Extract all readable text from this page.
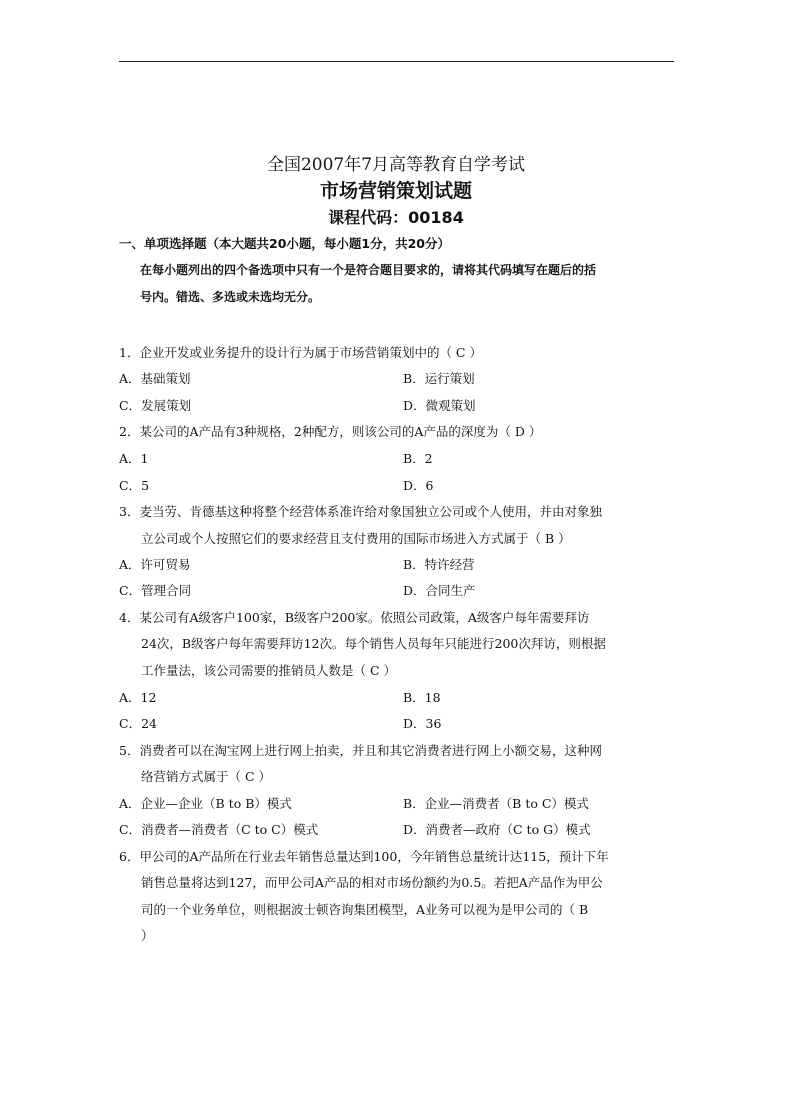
全国2007年7月高等教育自学考试
市场营销策划试题
课程代码：00184
一、单项选择题（本大题共20小题，每小题1分，共20分）
在每小题列出的四个备选项中只有一个是符合题目要求的，请将其代码填写在题后的括
号内。错选、多选或未选均无分。
1．企业开发或业务提升的设计行为属于市场营销策划中的（ C ）
A．基础策划	B．运行策划
C．发展策划	D．微观策划
2．某公司的A产品有3种规格，2种配方，则该公司的A产品的深度为（ D ）
A．1	B．2
C．5	D．6
3．麦当劳、肯德基这种将整个经营体系准许给对象国独立公司或个人使用，并由对象独
立公司或个人按照它们的要求经营且支付费用的国际市场进入方式属于（ B ）
A．许可贸易	B．特许经营
C．管理合同	D．合同生产
4．某公司有A级客户100家，B级客户200家。依照公司政策，A级客户每年需要拜访
24次，B级客户每年需要拜访12次。每个销售人员每年只能进行200次拜访，则根据
工作量法，该公司需要的推销员人数是（ C ）
A．12	B．18
C．24	D．36
5．消费者可以在淘宝网上进行网上拍卖，并且和其它消费者进行网上小额交易，这种网
络营销方式属于（ C ）
A．企业—企业（B to B）模式	B．企业—消费者（B to C）模式
C．消费者—消费者（C to C）模式	D．消费者—政府（C to G）模式
6．甲公司的A产品所在行业去年销售总量达到100，今年销售总量统计达115，预计下年
销售总量将达到127，而甲公司A产品的相对市场份额约为0.5。若把A产品作为甲公
司的一个业务单位，则根据波士顿咨询集团模型，A业务可以视为是甲公司的（ B
）
